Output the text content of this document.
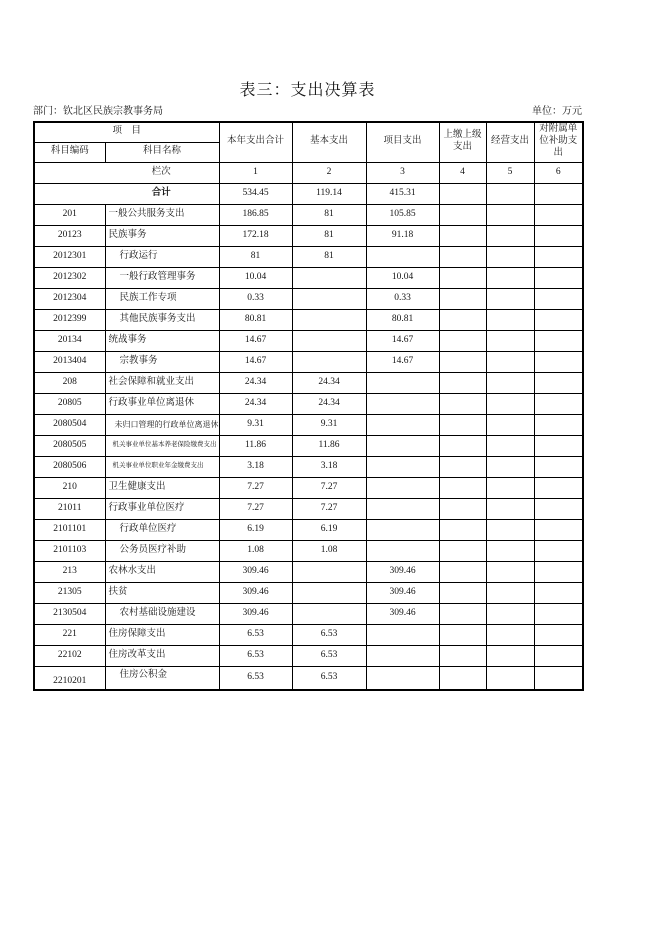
表三：支出决算表
部门：钦北区民族宗教事务局	单位：万元
项　目		本年支出合计	基本支出	项目支出	上缴上级支出	经营支出	对附属单位补助支出
科目编码	科目名称						
栏次		1	2	3	4	5	6
合计		534.45	119.14	415.31			
201	一般公共服务支出	186.85	81	105.85			
20123	民族事务	172.18	81	91.18			
2012301	行政运行	81	81				
2012302	一般行政管理事务	10.04		10.04			
2012304	民族工作专项	0.33		0.33			
2012399	其他民族事务支出	80.81		80.81			
20134	统战事务	14.67		14.67			
2013404	宗教事务	14.67		14.67			
208	社会保障和就业支出	24.34	24.34				
20805	行政事业单位离退休	24.34	24.34				
2080504	未归口管理的行政单位离退休	9.31	9.31				
2080505	机关事业单位基本养老保险缴费支出	11.86	11.86				
2080506	机关事业单位职业年金缴费支出	3.18	3.18				
210	卫生健康支出	7.27	7.27				
21011	行政事业单位医疗	7.27	7.27				
2101101	行政单位医疗	6.19	6.19				
2101103	公务员医疗补助	1.08	1.08				
213	农林水支出	309.46		309.46			
21305	扶贫	309.46		309.46			
2130504	农村基础设施建设	309.46		309.46			
221	住房保障支出	6.53	6.53				
22102	住房改革支出	6.53	6.53				
2210201	住房公积金	6.53	6.53				
